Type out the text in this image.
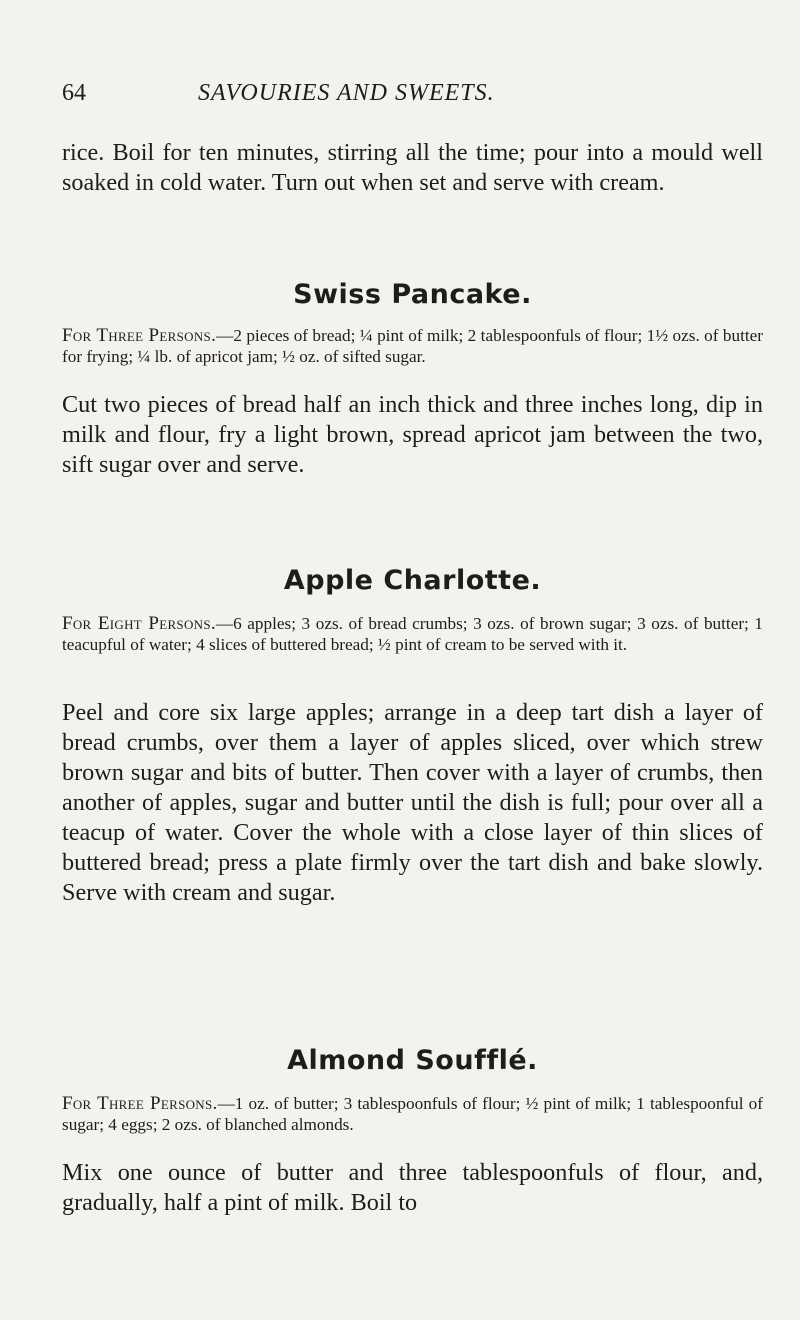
64	SAVOURIES AND SWEETS.

rice. Boil for ten minutes, stirring all the time; pour into a mould well soaked in cold water. Turn out when set and serve with cream.

Swiss Pancake.

For Three Persons.—2 pieces of bread; ¼ pint of milk; 2 tablespoonfuls of flour; 1½ ozs. of butter for frying; ¼ lb. of apricot jam; ½ oz. of sifted sugar.

Cut two pieces of bread half an inch thick and three inches long, dip in milk and flour, fry a light brown, spread apricot jam between the two, sift sugar over and serve.

Apple Charlotte.

For Eight Persons.—6 apples; 3 ozs. of bread crumbs; 3 ozs. of brown sugar; 3 ozs. of butter; 1 teacupful of water; 4 slices of buttered bread; ½ pint of cream to be served with it.

Peel and core six large apples; arrange in a deep tart dish a layer of bread crumbs, over them a layer of apples sliced, over which strew brown sugar and bits of butter. Then cover with a layer of crumbs, then another of apples, sugar and butter until the dish is full; pour over all a teacup of water. Cover the whole with a close layer of thin slices of buttered bread; press a plate firmly over the tart dish and bake slowly. Serve with cream and sugar.

Almond Soufflé.

For Three Persons.—1 oz. of butter; 3 tablespoonfuls of flour; ½ pint of milk; 1 tablespoonful of sugar; 4 eggs; 2 ozs. of blanched almonds.

Mix one ounce of butter and three tablespoonfuls of flour, and, gradually, half a pint of milk. Boil to
